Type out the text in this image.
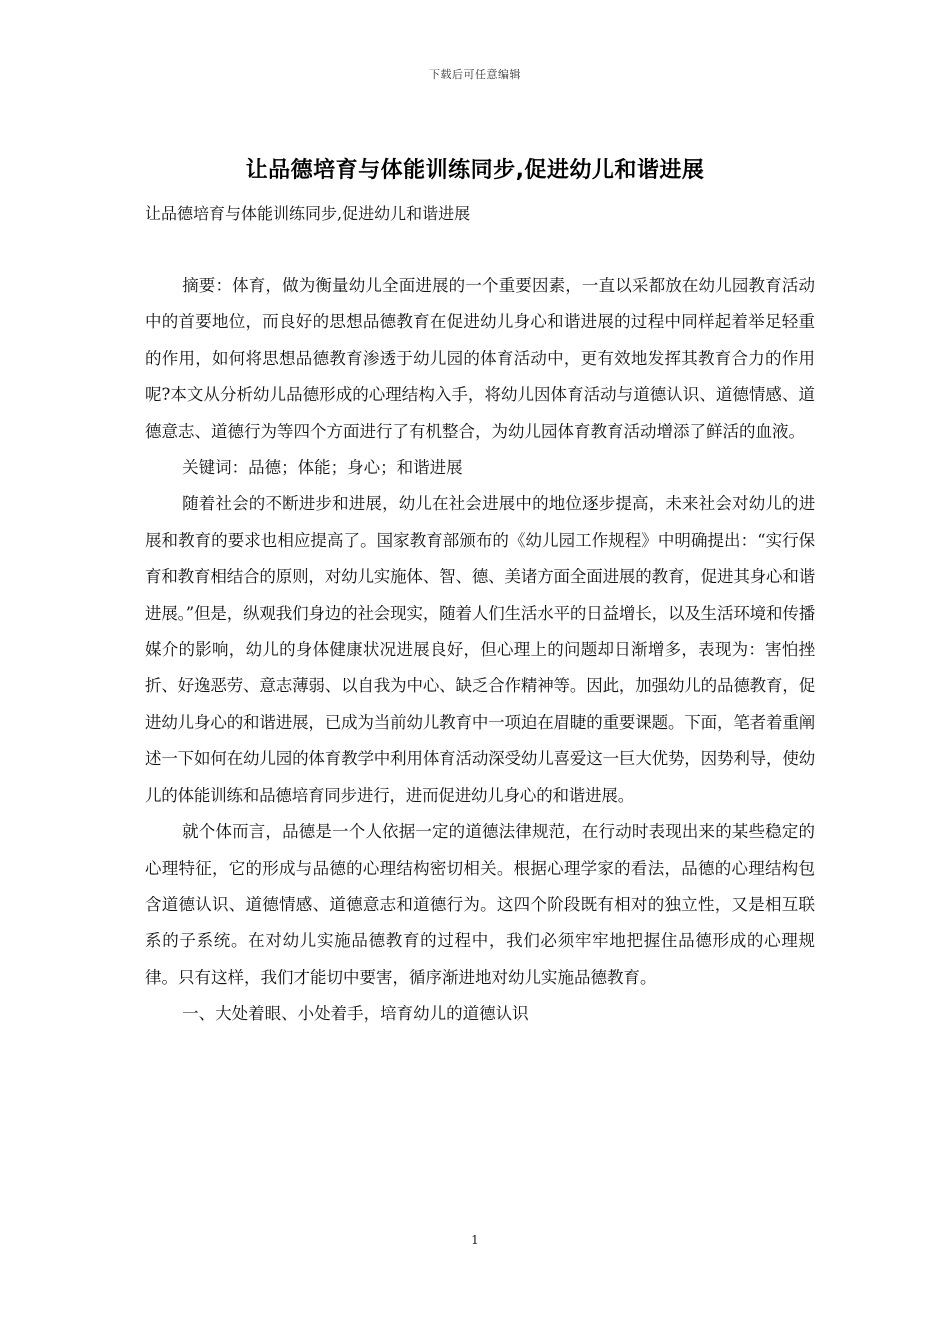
下载后可任意编辑
让品德培育与体能训练同步,促进幼儿和谐进展
让品德培育与体能训练同步,促进幼儿和谐进展

摘要：体育，做为衡量幼儿全面进展的一个重要因素，一直以采都放在幼儿园教育活动中的首要地位，而良好的思想品德教育在促进幼儿身心和谐进展的过程中同样起着举足轻重的作用，如何将思想品德教育渗透于幼儿园的体育活动中，更有效地发挥其教育合力的作用呢?本文从分析幼儿品德形成的心理结构入手，将幼儿因体育活动与道德认识、道德情感、道德意志、道德行为等四个方面进行了有机整合，为幼儿园体育教育活动增添了鲜活的血液。

关键词：品德；体能；身心；和谐进展

随着社会的不断进步和进展，幼儿在社会进展中的地位逐步提高，未来社会对幼儿的进展和教育的要求也相应提高了。国家教育部颁布的《幼儿园工作规程》中明确提出：“实行保育和教育相结合的原则，对幼儿实施体、智、德、美诸方面全面进展的教育，促进其身心和谐进展。”但是，纵观我们身边的社会现实，随着人们生活水平的日益增长，以及生活环境和传播媒介的影响，幼儿的身体健康状况进展良好，但心理上的问题却日渐增多，表现为：害怕挫折、好逸恶劳、意志薄弱、以自我为中心、缺乏合作精神等。因此，加强幼儿的品德教育，促进幼儿身心的和谐进展，已成为当前幼儿教育中一项迫在眉睫的重要课题。下面，笔者着重阐述一下如何在幼儿园的体育教学中利用体育活动深受幼儿喜爱这一巨大优势，因势利导，使幼儿的体能训练和品德培育同步进行，进而促进幼儿身心的和谐进展。

就个体而言，品德是一个人依据一定的道德法律规范，在行动时表现出来的某些稳定的心理特征，它的形成与品德的心理结构密切相关。根据心理学家的看法，品德的心理结构包含道德认识、道德情感、道德意志和道德行为。这四个阶段既有相对的独立性，又是相互联系的子系统。在对幼儿实施品德教育的过程中，我们必须牢牢地把握住品德形成的心理规律。只有这样，我们才能切中要害，循序渐进地对幼儿实施品德教育。

一、大处着眼、小处着手，培育幼儿的道德认识

1
